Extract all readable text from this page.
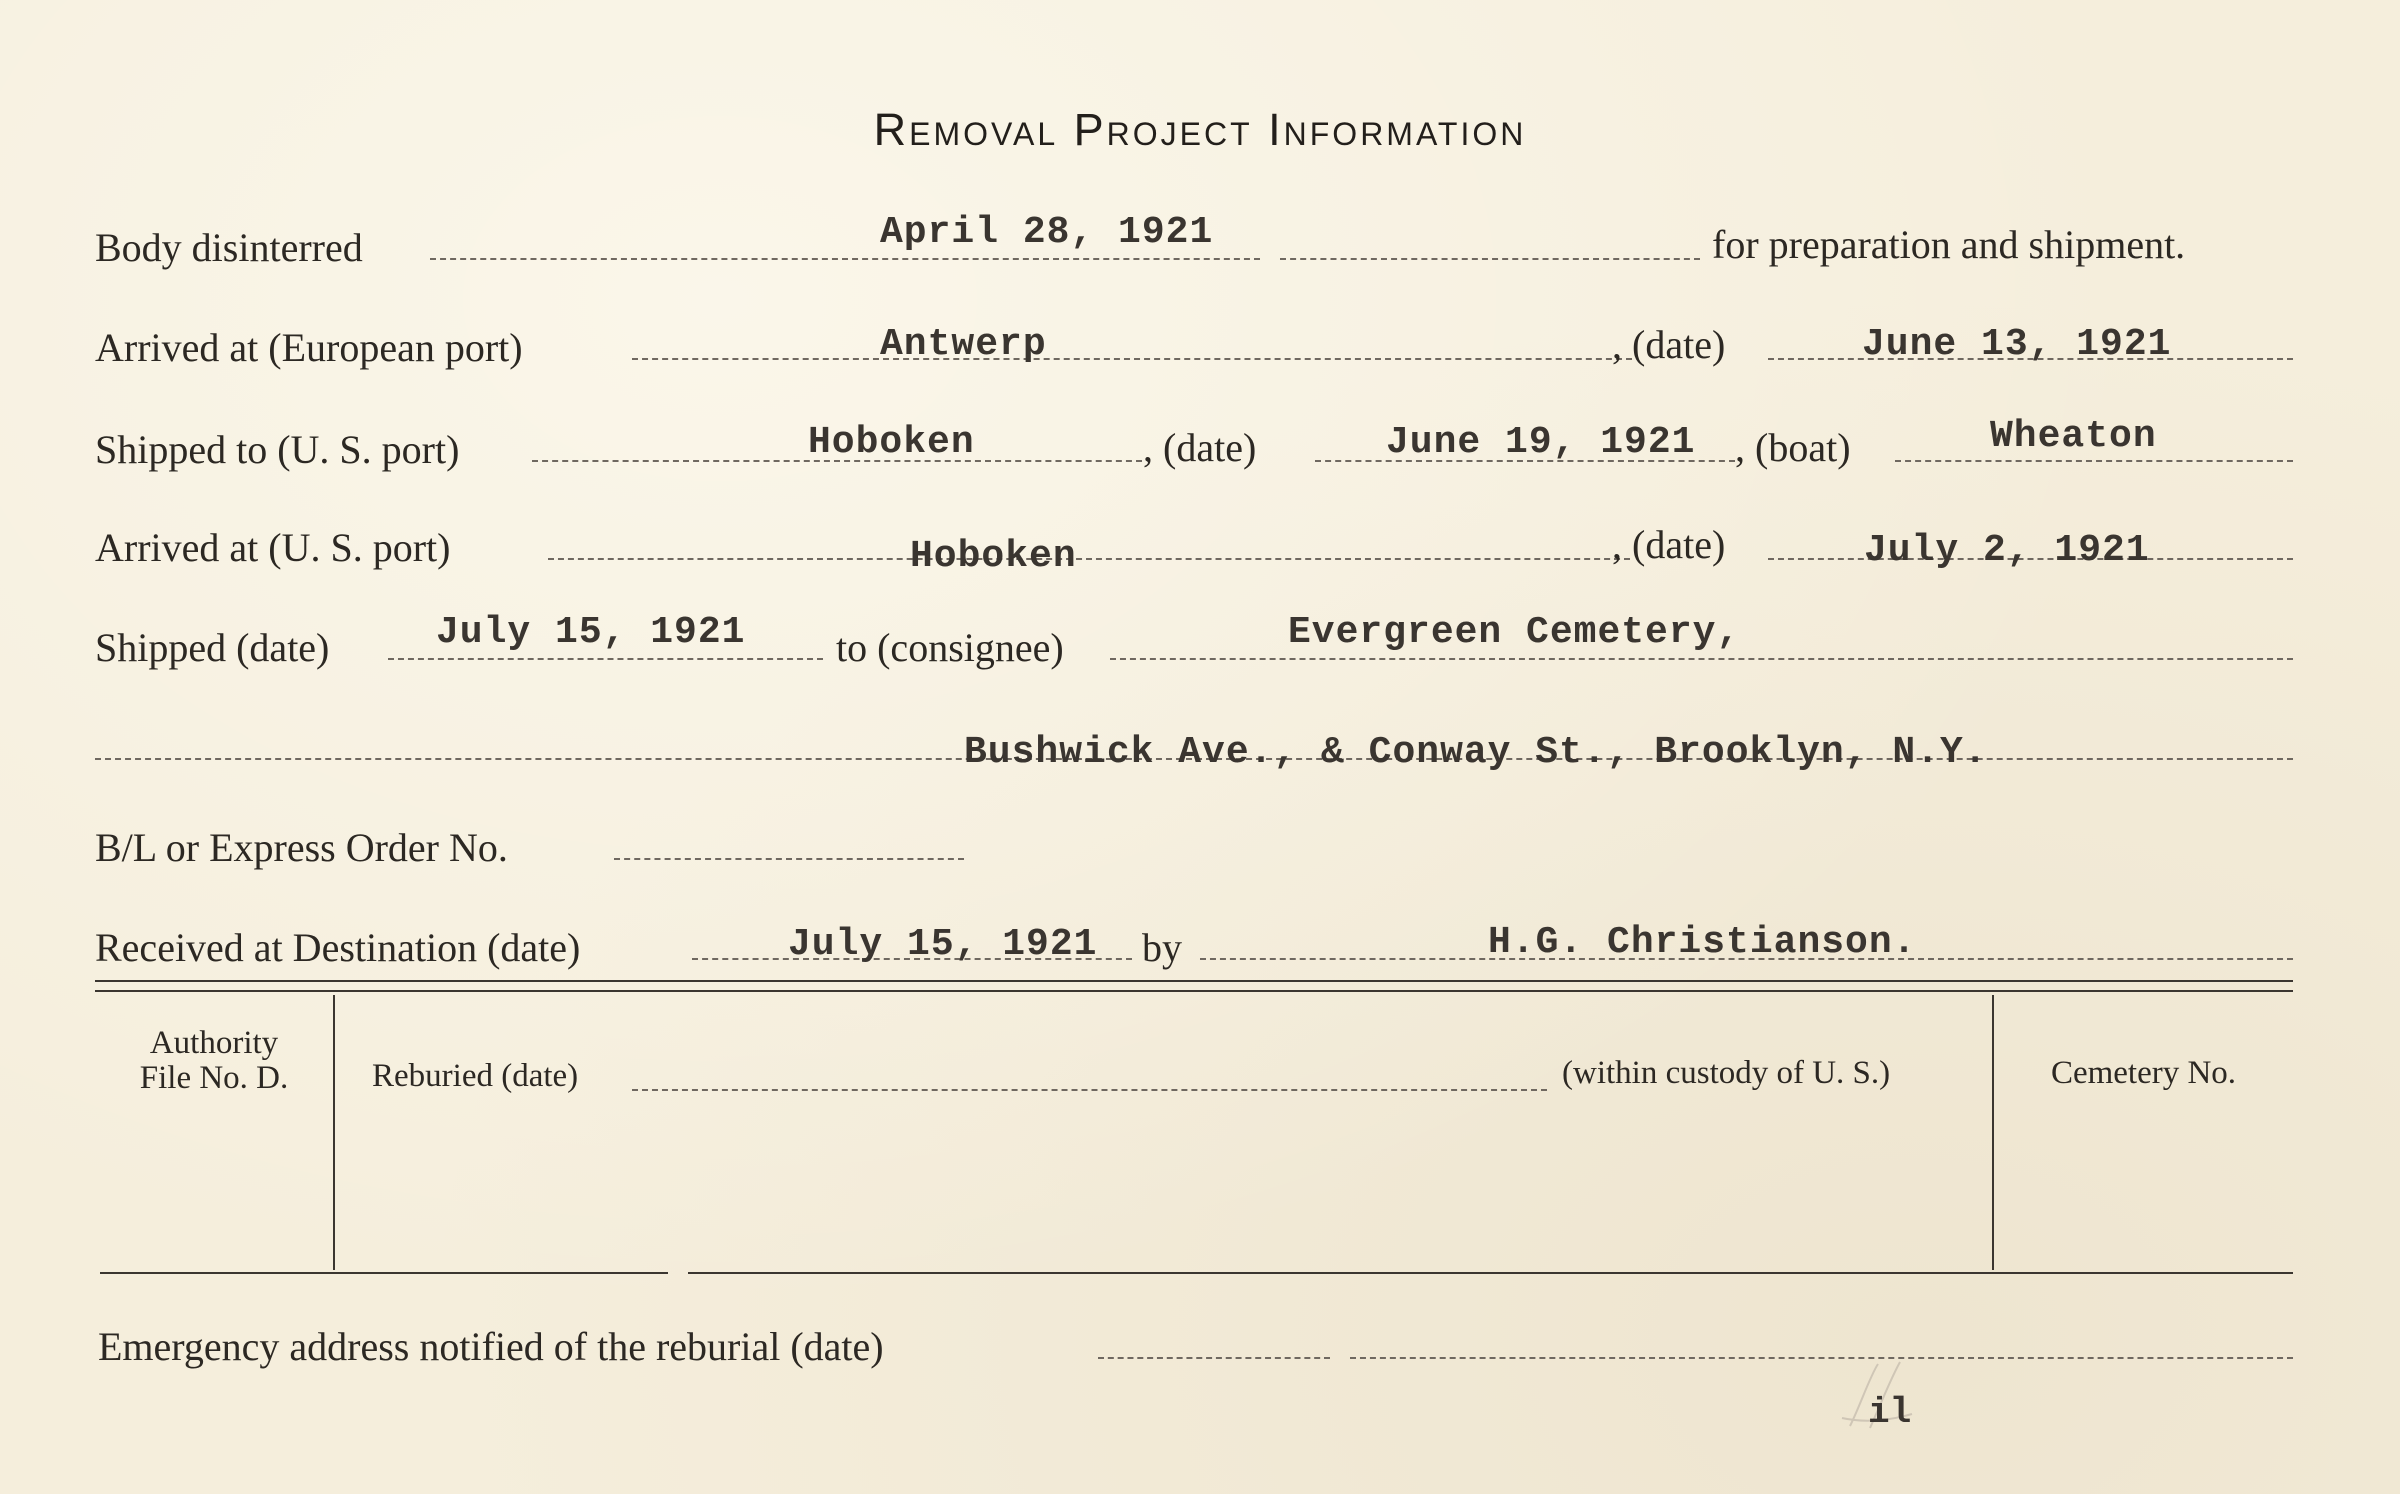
Removal Project Information
Body disinterred	April 28, 1921	for preparation and shipment.
Arrived at (European port)	Antwerp	, (date)	June 13, 1921
Shipped to (U. S. port)	Hoboken	, (date)	June 19, 1921 , (boat)	Wheaton
Arrived at (U. S. port)	Hoboken	, (date)	July 2, 1921
Shipped (date)	July 15, 1921 to (consignee)	Evergreen Cemetery,
Bushwick Ave., & Conway St., Brooklyn, N.Y.
B/L or Express Order No.
Received at Destination (date)	July 15, 1921 by	H.G. Christianson.
Authority
File No. D.	Reburied (date)	(within custody of U. S.)	Cemetery No.
Emergency address notified of the reburial (date)
il
